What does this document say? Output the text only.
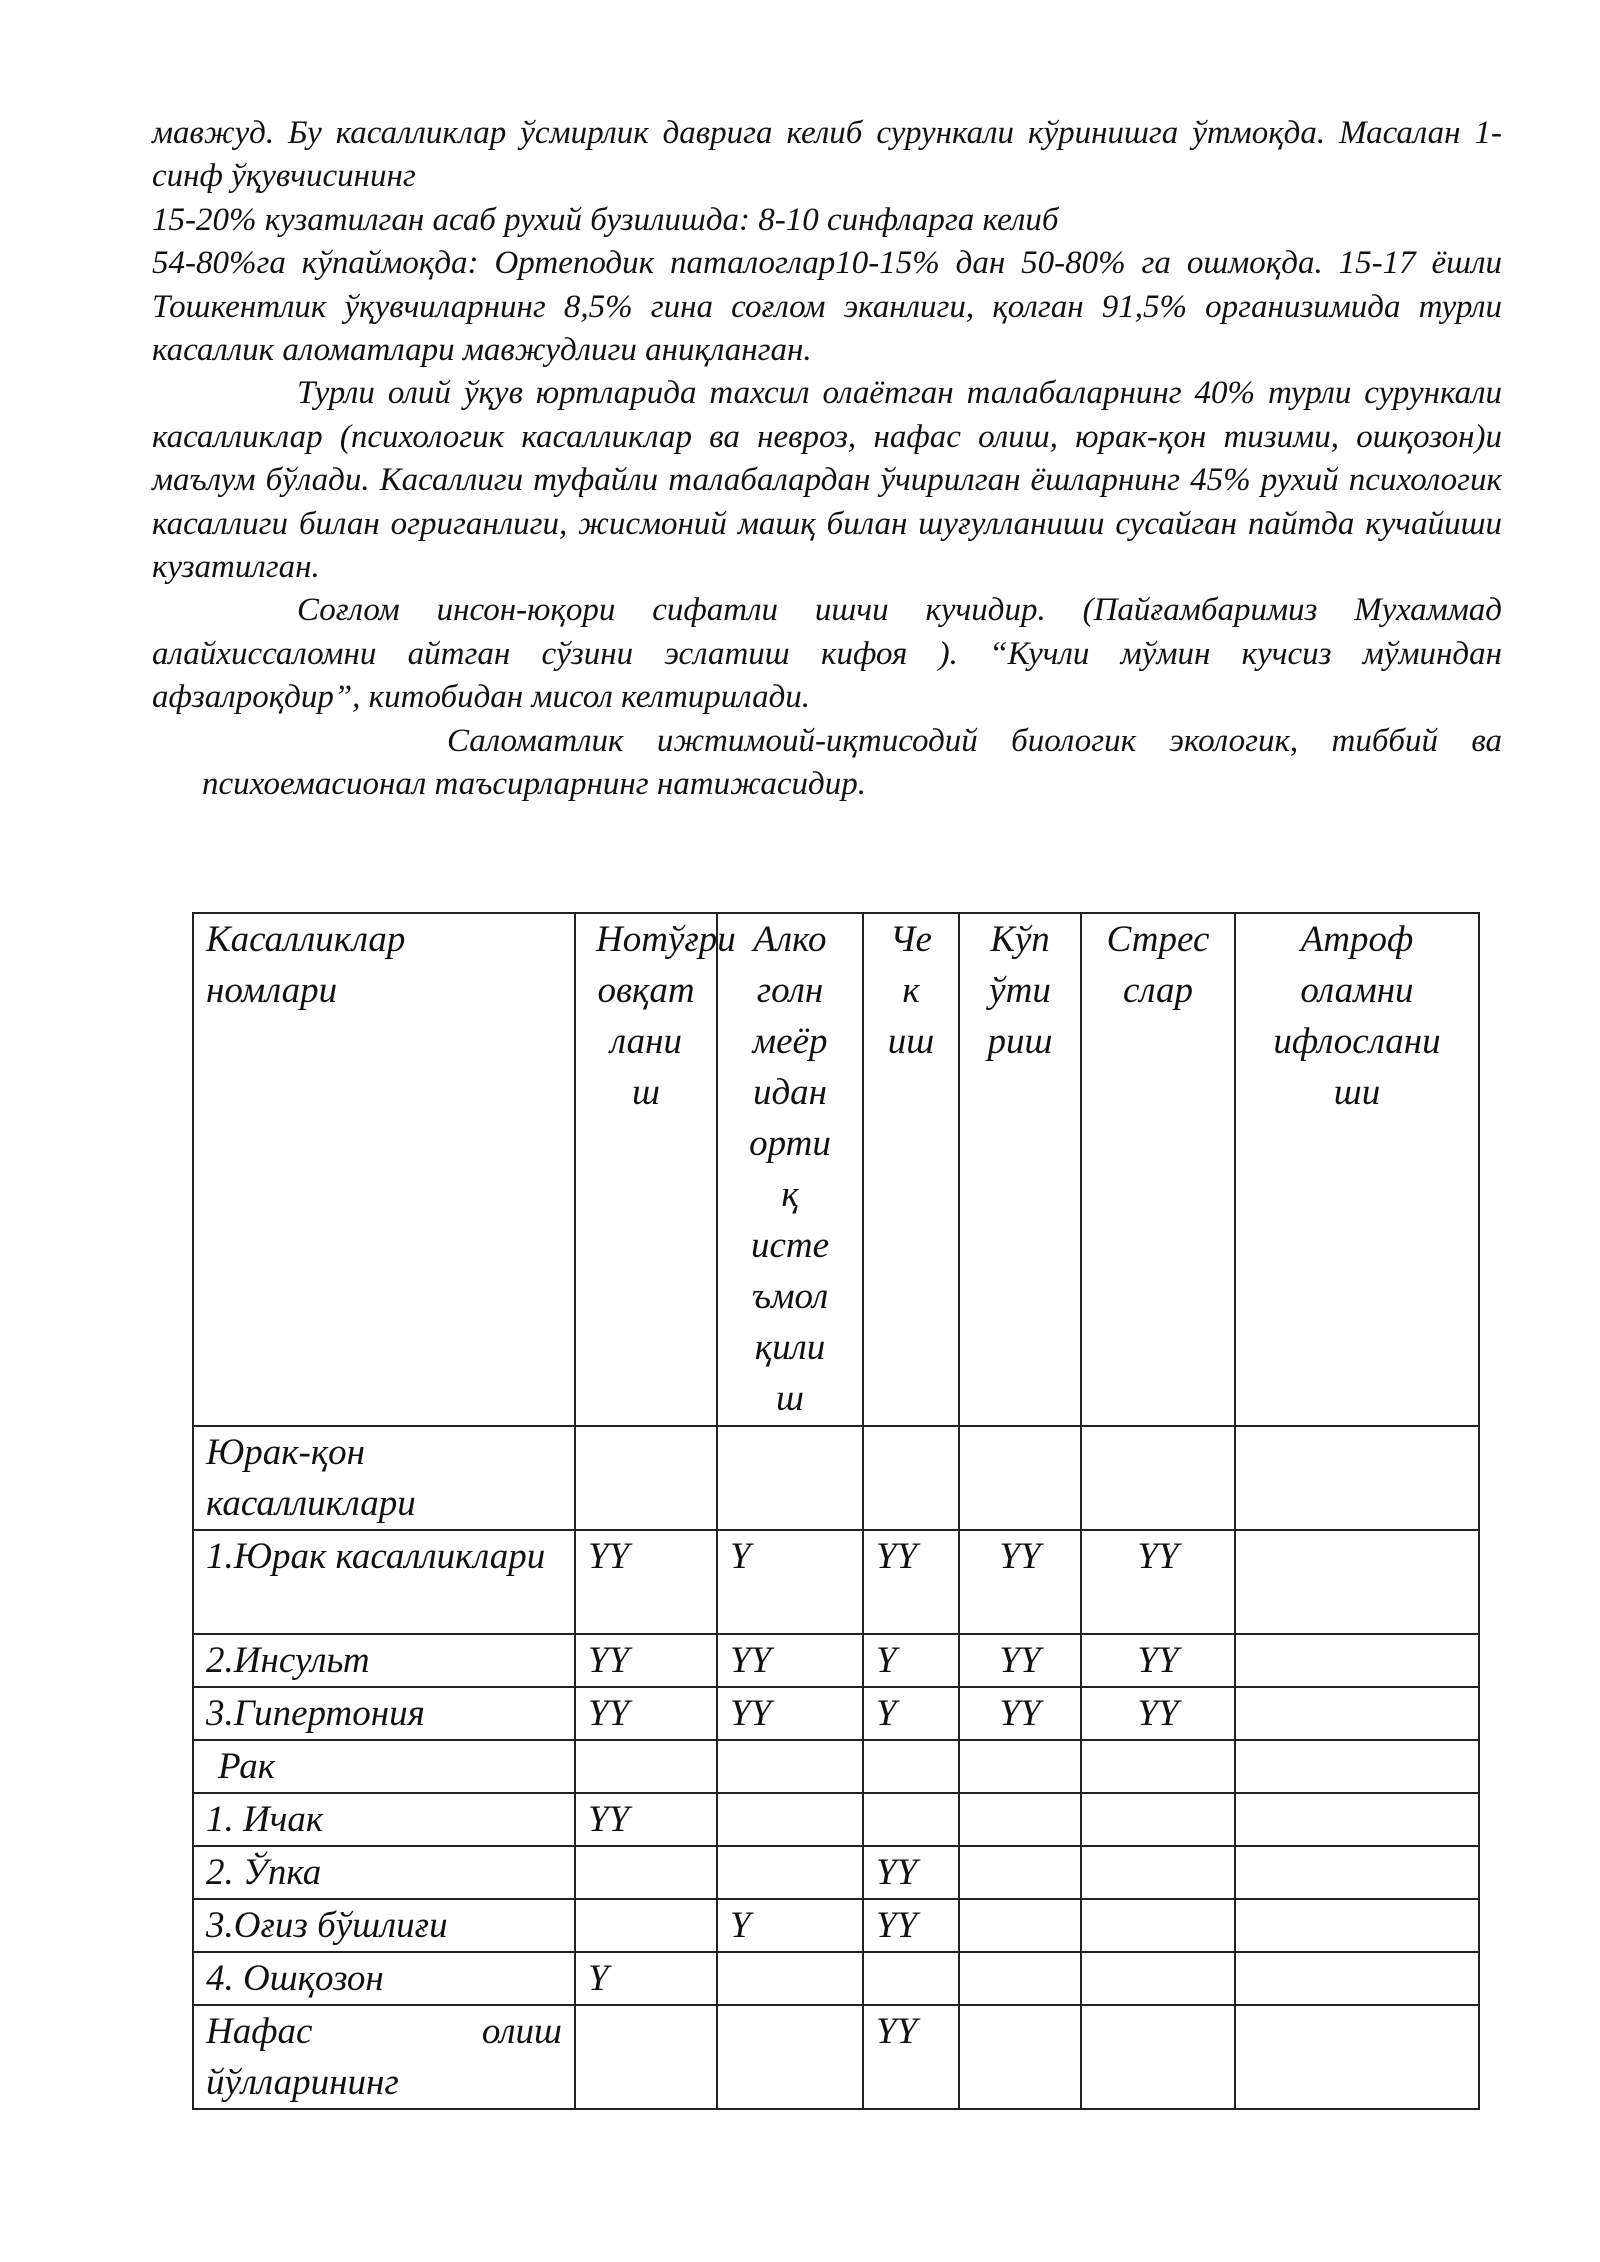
мавжуд. Бу касалликлар ўсмирлик даврига келиб сурункали кўринишга ўтмоқда. Масалан 1-синф ўқувчисининг

15-20% кузатилган асаб рухий бузилишда: 8-10 синфларга келиб

54-80%га кўпаймоқда: Ортеподик паталоглар10-15% дан 50-80% га ошмоқда. 15-17 ёшли Тошкентлик ўқувчиларнинг 8,5% гина соғлом эканлиги, қолган 91,5% организимида турли касаллик аломатлари мавжудлиги аниқланган.

Турли олий ўқув юртларида тахсил олаётган талабаларнинг 40% турли сурункали касалликлар (психологик касалликлар ва невроз, нафас олиш, юрак-қон тизими, ошқозон)и маълум бўлади. Касаллиги туфайли талабалардан ўчирилган ёшларнинг 45% рухий психологик касаллиги билан огриганлиги, жисмоний машқ билан шуғулланиши сусайган пайтда кучайиши кузатилган.

Соғлом инсон-юқори сифатли ишчи кучидир. (Пайғамбаримиз Мухаммад алайхиссаломни айтган сўзини эслатиш кифоя ). “Кучли мўмин кучсиз мўминдан афзалроқдир”, китобидан мисол келтирилади.

Саломатлик ижтимоий-иқтисодий биологик экологик, тиббий ва психоемасионал таъсирларнинг натижасидир.

Касалликлар номлари	Нотўғри овқат лани ш	Алко голн меёр идан орти қ исте ъмол қили ш	Че к иш	Кўп ўти риш	Стрес слар	Атроф оламни ифлослани ши

Юрак-қон касалликлари						
1.Юрак касалликлари	YY	Y	YY	YY	YY	
2.Инсульт	YY	YY	Y	YY	YY	
3.Гипертония	YY	YY	Y	YY	YY	
Рак						
1. Ичак	YY					
2. Ўпка			YY			
3.Оғиз бўшлиғи		Y	YY			
4. Ошқозон	Y					

Нафас олиш йўлларининг			YY			
